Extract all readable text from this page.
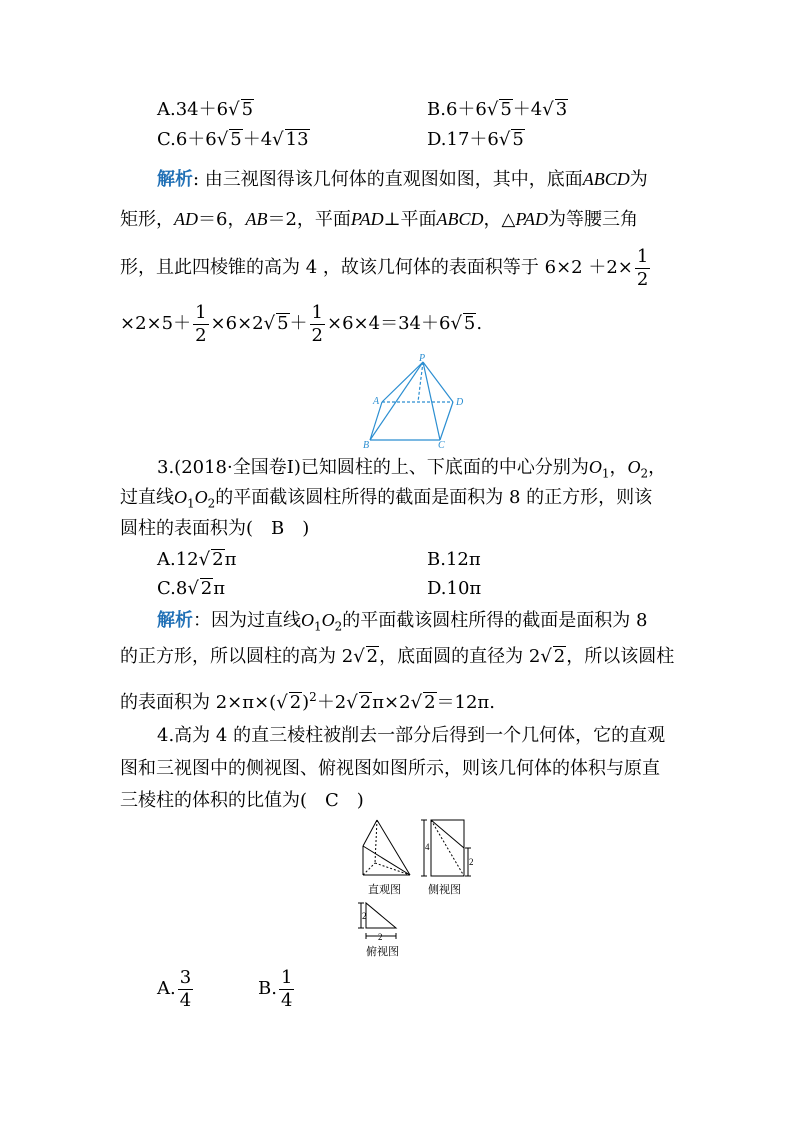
A.34＋6√ 5	B.6＋6√ 5＋4√ 3
C.6＋6√ 5＋4√ 13	D.17＋6√ 5
解析: 由三视图得该几何体的直观图如图，其中，底面ABCD为
矩形，AD＝6，AB＝2，平面PAD⊥平面ABCD，△PAD为等腰三角
形，且此四棱锥的高为 4 ，故该几何体的表面积等于 $6\times 2 +2\times \frac{1}{2}$
$\times 2\times 5+ \frac{1}{2} \times 6\times 2√$ $5+ \frac{1}{2} \times 6\times 4=34+6√$ 5.
P
A
B	C
D
3.(2018·全国卷Ⅰ)已知圆柱的上、下底面的中心分别为$O_1$，$O_2$，
过直线$O_1O_2$的平面截该圆柱所得的截面是面积为 8 的正方形，则该
圆柱的表面积为(　B　)
A.12√ 2π	B.12π
C.8√ 2π	D.10π
解析：因为过直线$O_1O_2$的平面截该圆柱所得的截面是面积为 8
的正方形，所以圆柱的高为 2√ 2，底面圆的直径为 2√ 2，所以该圆柱
的表面积为 2×π×(√ 2)$^2$＋2√ 2π×2√ 2＝12π.
4.高为 4 的直三棱柱被削去一部分后得到一个几何体，它的直观
图和三视图中的侧视图、俯视图如图所示，则该几何体的体积与原直
三棱柱的体积的比值为(　C　)
直观图
4
2
侧视图
2
2
俯视图
A. $\frac{3}{4}$	B. $\frac{1}{4}$
